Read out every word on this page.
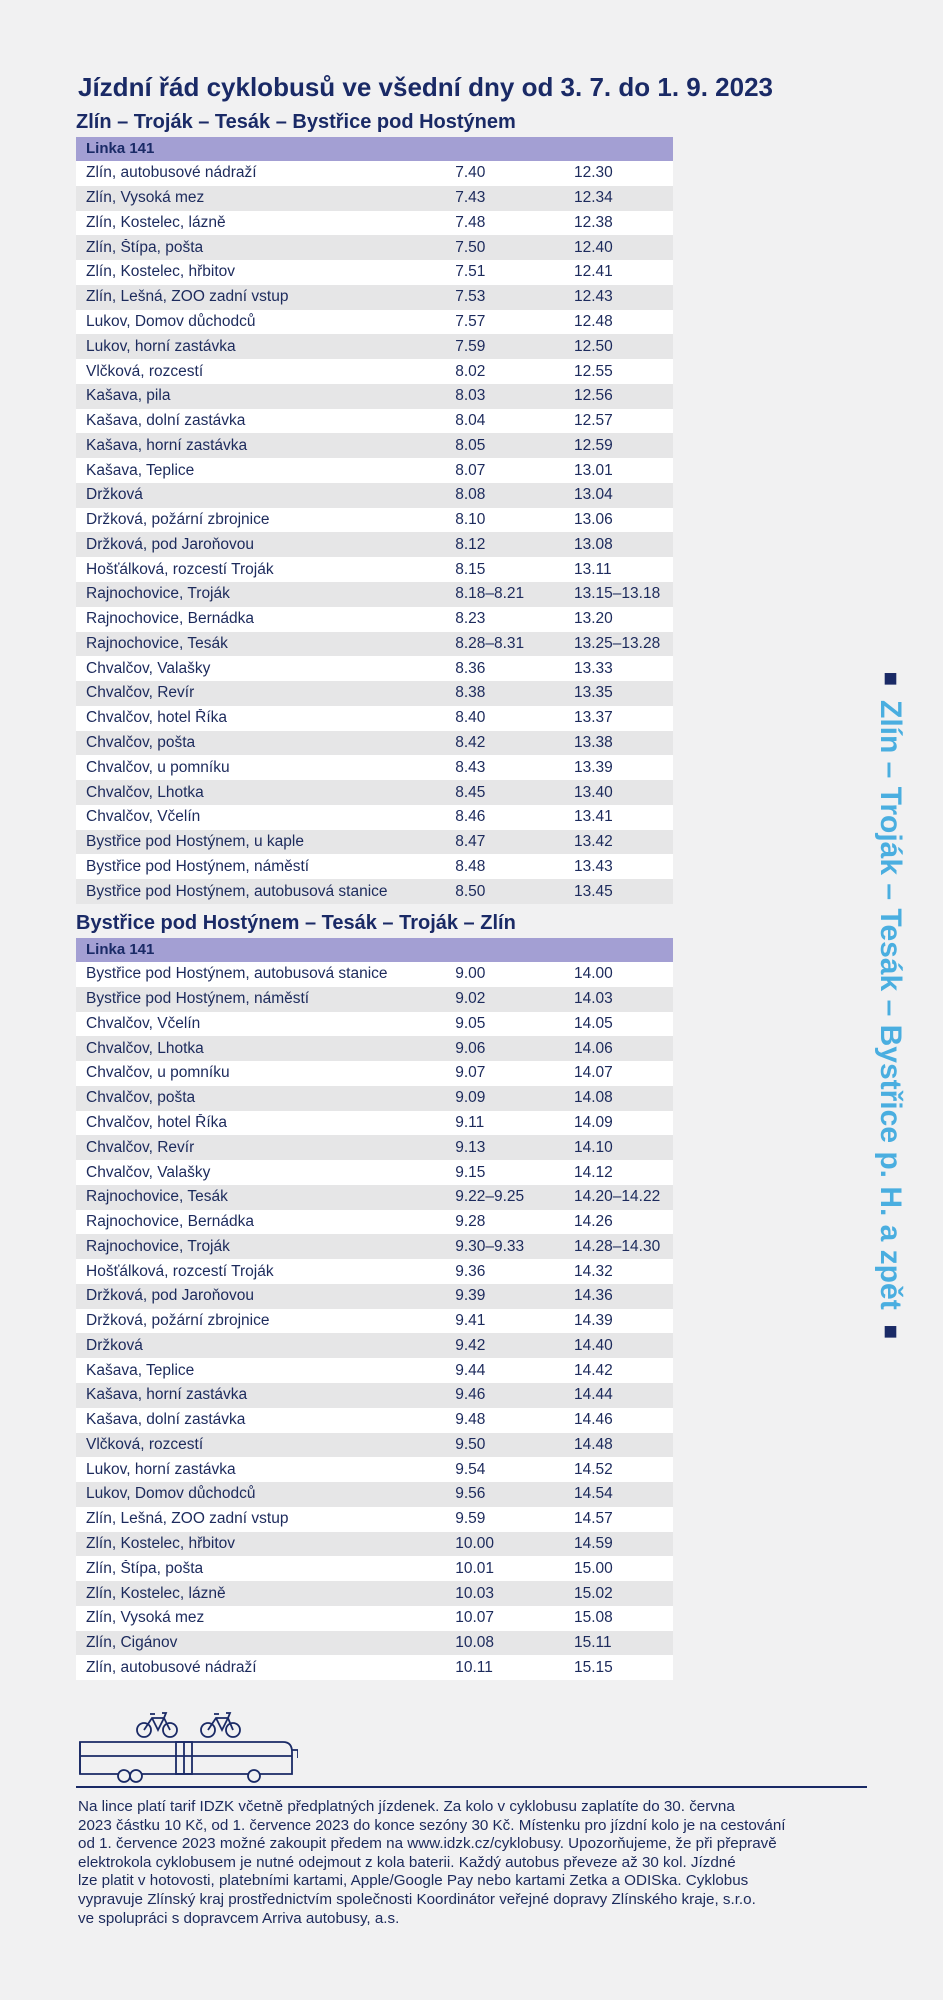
Jízdní řád cyklobusů ve všední dny od 3. 7. do 1. 9. 2023
Zlín – Troják – Tesák – Bystřice pod Hostýnem
Linka 141
Zlín, autobusové nádraží	7.40	12.30
Zlín, Vysoká mez	7.43	12.34
Zlín, Kostelec, lázně	7.48	12.38
Zlín, Štípa, pošta	7.50	12.40
Zlín, Kostelec, hřbitov	7.51	12.41
Zlín, Lešná, ZOO zadní vstup	7.53	12.43
Lukov, Domov důchodců	7.57	12.48
Lukov, horní zastávka	7.59	12.50
Vlčková, rozcestí	8.02	12.55
Kašava, pila	8.03	12.56
Kašava, dolní zastávka	8.04	12.57
Kašava, horní zastávka	8.05	12.59
Kašava, Teplice	8.07	13.01
Držková	8.08	13.04
Držková, požární zbrojnice	8.10	13.06
Držková, pod Jaroňovou	8.12	13.08
Hošťálková, rozcestí Troják	8.15	13.11
Rajnochovice, Troják	8.18–8.21	13.15–13.18
Rajnochovice, Bernádka	8.23	13.20
Rajnochovice, Tesák	8.28–8.31	13.25–13.28
Chvalčov, Valašky	8.36	13.33
Chvalčov, Revír	8.38	13.35
Chvalčov, hotel Říka	8.40	13.37
Chvalčov, pošta	8.42	13.38
Chvalčov, u pomníku	8.43	13.39
Chvalčov, Lhotka	8.45	13.40
Chvalčov, Včelín	8.46	13.41
Bystřice pod Hostýnem, u kaple	8.47	13.42
Bystřice pod Hostýnem, náměstí	8.48	13.43
Bystřice pod Hostýnem, autobusová stanice	8.50	13.45
Bystřice pod Hostýnem – Tesák – Troják – Zlín
Linka 141
Bystřice pod Hostýnem, autobusová stanice	9.00	14.00
Bystřice pod Hostýnem, náměstí	9.02	14.03
Chvalčov, Včelín	9.05	14.05
Chvalčov, Lhotka	9.06	14.06
Chvalčov, u pomníku	9.07	14.07
Chvalčov, pošta	9.09	14.08
Chvalčov, hotel Říka	9.11	14.09
Chvalčov, Revír	9.13	14.10
Chvalčov, Valašky	9.15	14.12
Rajnochovice, Tesák	9.22–9.25	14.20–14.22
Rajnochovice, Bernádka	9.28	14.26
Rajnochovice, Troják	9.30–9.33	14.28–14.30
Hošťálková, rozcestí Troják	9.36	14.32
Držková, pod Jaroňovou	9.39	14.36
Držková, požární zbrojnice	9.41	14.39
Držková	9.42	14.40
Kašava, Teplice	9.44	14.42
Kašava, horní zastávka	9.46	14.44
Kašava, dolní zastávka	9.48	14.46
Vlčková, rozcestí	9.50	14.48
Lukov, horní zastávka	9.54	14.52
Lukov, Domov důchodců	9.56	14.54
Zlín, Lešná, ZOO zadní vstup	9.59	14.57
Zlín, Kostelec, hřbitov	10.00	14.59
Zlín, Štípa, pošta	10.01	15.00
Zlín, Kostelec, lázně	10.03	15.02
Zlín, Vysoká mez	10.07	15.08
Zlín, Cigánov	10.08	15.11
Zlín, autobusové nádraží	10.11	15.15
■
Zlín – Troják – Tesák – Bystřice p. H. a zpět
■
Na lince platí tarif IDZK včetně předplatných jízdenek. Za kolo v cyklobusu zaplatíte do 30. června
2023 částku 10 Kč, od 1. července 2023 do konce sezóny 30 Kč. Místenku pro jízdní kolo je na cestování
od 1. července 2023 možné zakoupit předem na www.idzk.cz/cyklobusy. Upozorňujeme, že při přepravě
elektrokola cyklobusem je nutné odejmout z kola baterii. Každý autobus převeze až 30 kol. Jízdné
lze platit v hotovosti, platebními kartami, Apple/Google Pay nebo kartami Zetka a ODISka. Cyklobus
vypravuje Zlínský kraj prostřednictvím společnosti Koordinátor veřejné dopravy Zlínského kraje, s.r.o.
ve spolupráci s dopravcem Arriva autobusy, a.s.
